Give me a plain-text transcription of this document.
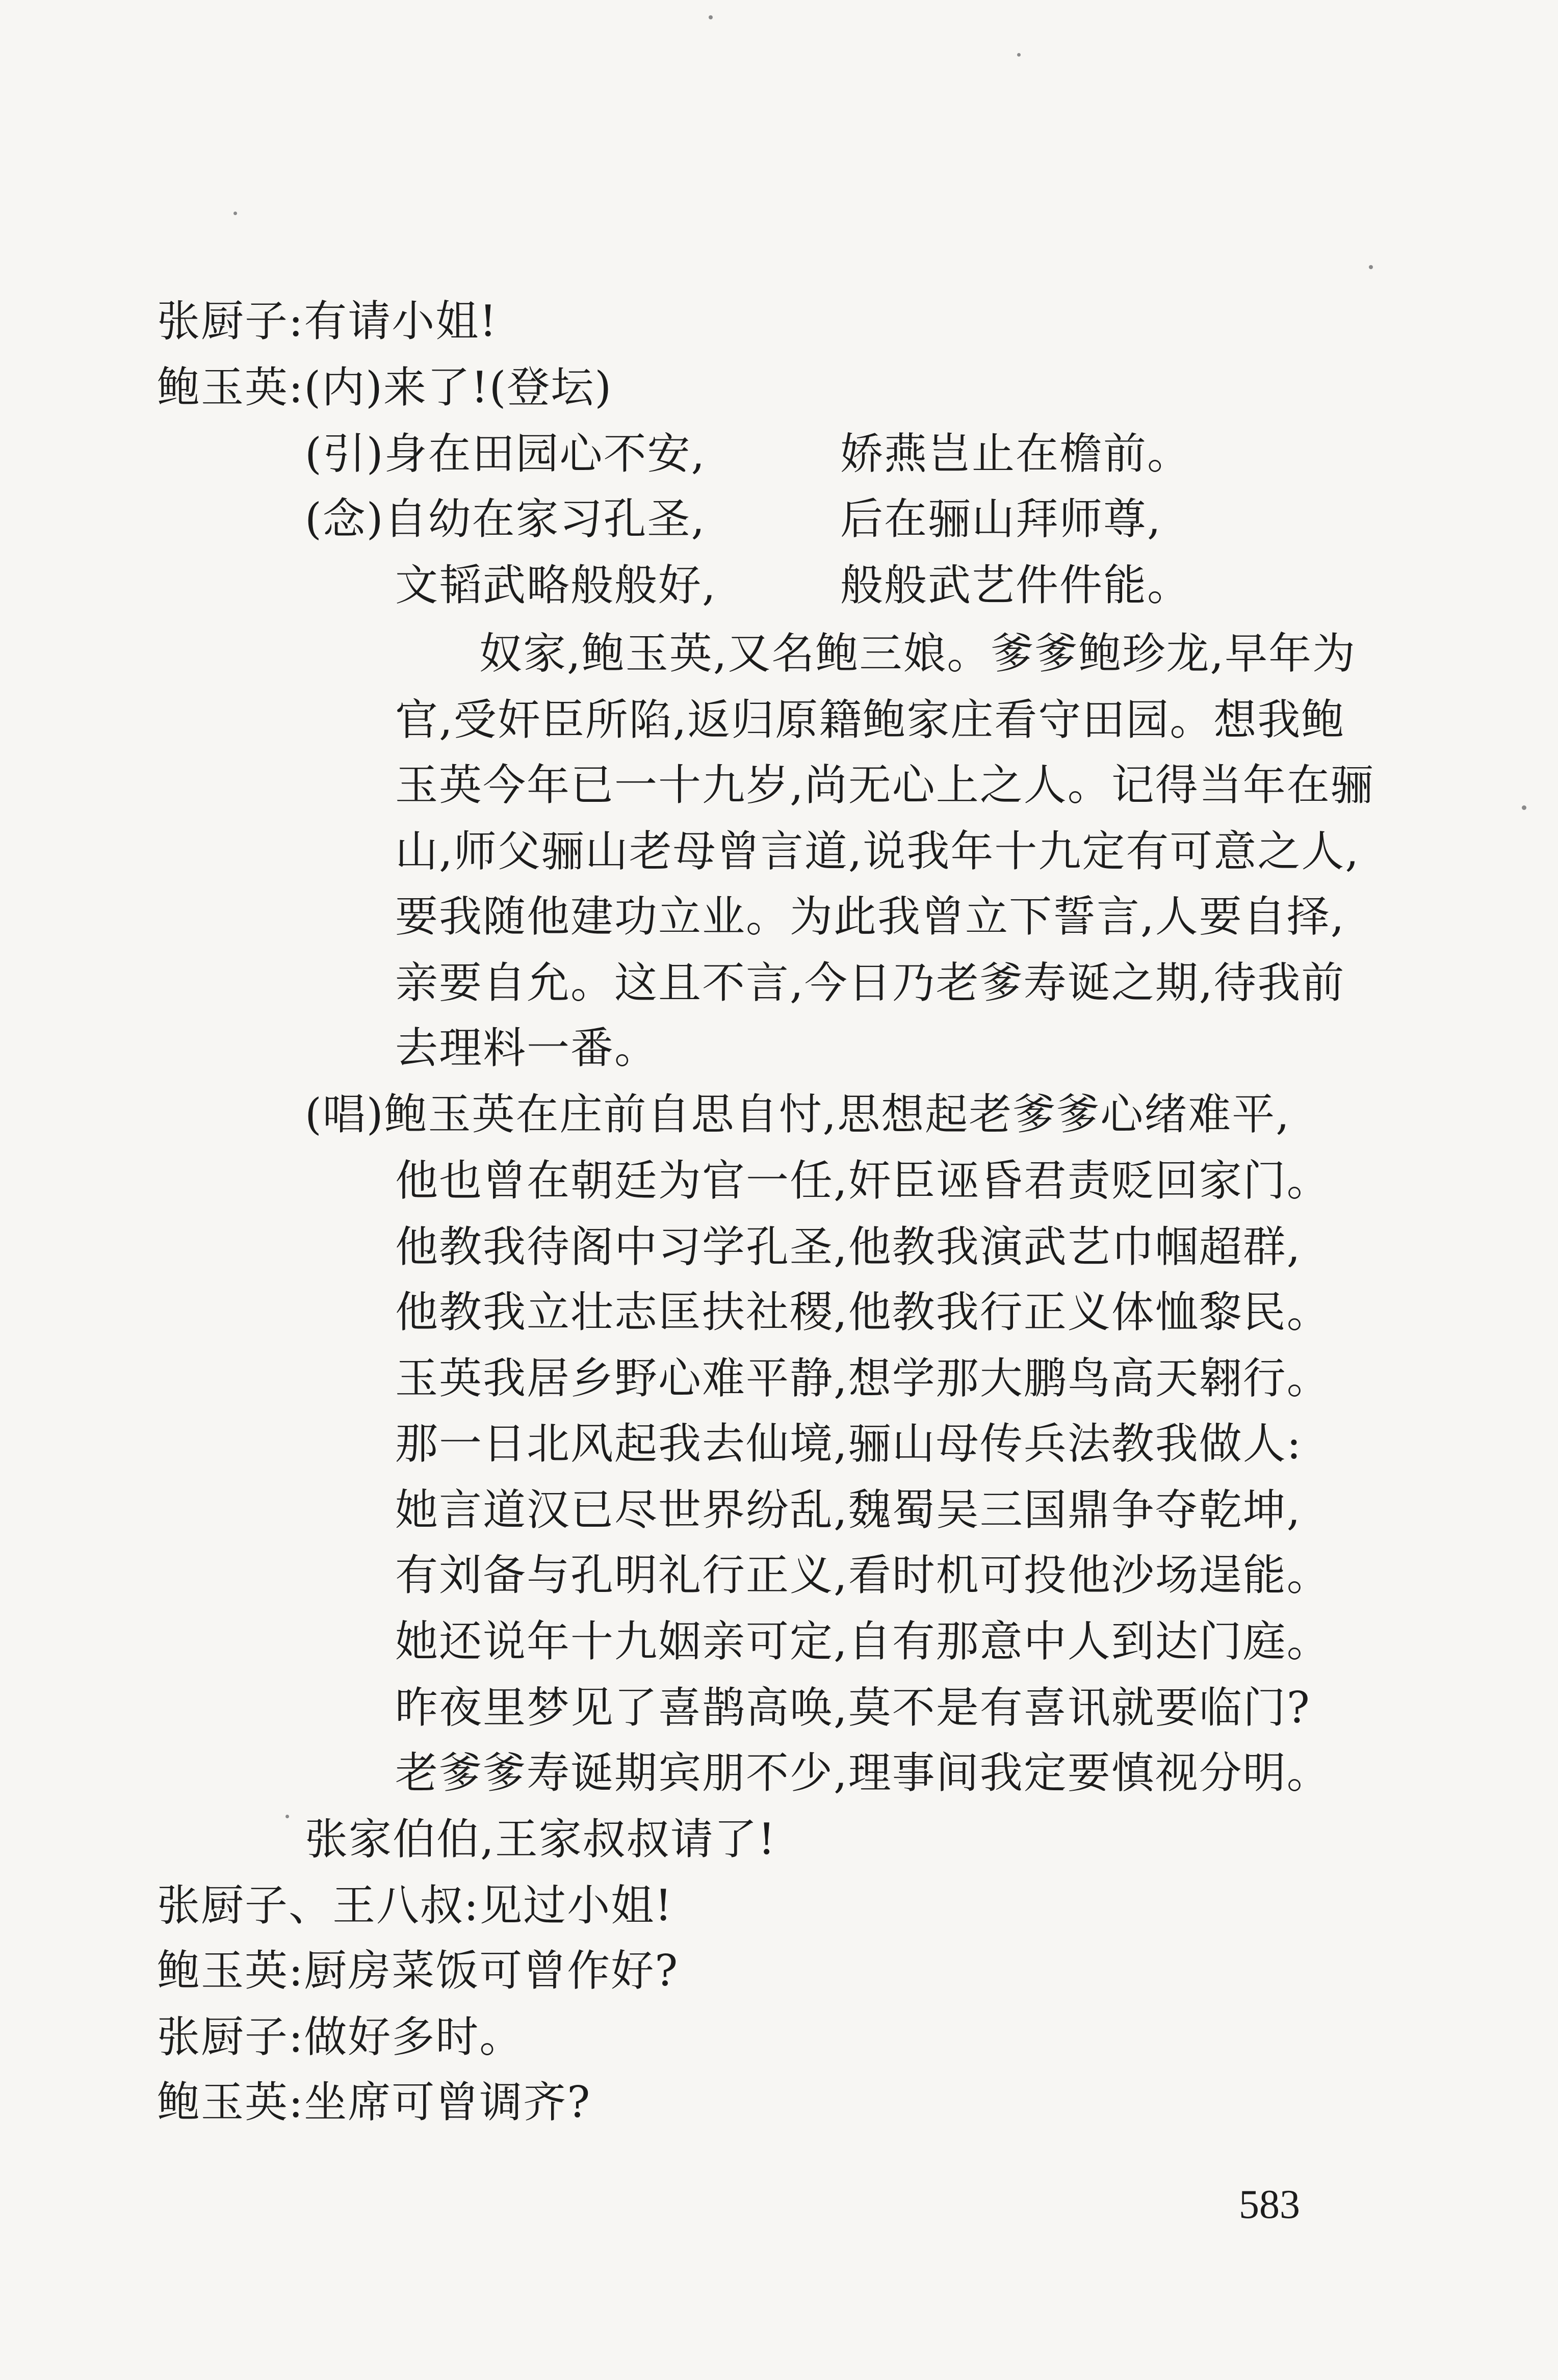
张厨子:有请小姐!
鲍玉英:(内)来了!(登坛)
(引)身在田园心不安,
(念)自幼在家习孔圣,
文韬武略般般好,
娇燕岂止在檐前。
后在骊山拜师尊,
般般武艺件件能。
奴家,鲍玉英,又名鲍三娘。爹爹鲍珍龙,早年为
官,受奸臣所陷,返归原籍鲍家庄看守田园。想我鲍
玉英今年已一十九岁,尚无心上之人。记得当年在骊
山,师父骊山老母曾言道,说我年十九定有可意之人,
要我随他建功立业。为此我曾立下誓言,人要自择,
亲要自允。这且不言,今日乃老爹寿诞之期,待我前
去理料一番。
(唱)鲍玉英在庄前自思自忖,思想起老爹爹心绪难平,
他也曾在朝廷为官一任,奸臣诬昏君责贬回家门。
他教我待阁中习学孔圣,他教我演武艺巾帼超群,
他教我立壮志匡扶社稷,他教我行正义体恤黎民。
玉英我居乡野心难平静,想学那大鹏鸟高天翱行。
那一日北风起我去仙境,骊山母传兵法教我做人:
她言道汉已尽世界纷乱,魏蜀吴三国鼎争夺乾坤,
有刘备与孔明礼行正义,看时机可投他沙场逞能。
她还说年十九姻亲可定,自有那意中人到达门庭。
昨夜里梦见了喜鹊高唤,莫不是有喜讯就要临门?
老爹爹寿诞期宾朋不少,理事间我定要慎视分明。
张家伯伯,王家叔叔请了!
张厨子、王八叔:见过小姐!
鲍玉英:厨房菜饭可曾作好?
张厨子:做好多时。
鲍玉英:坐席可曾调齐?
583
